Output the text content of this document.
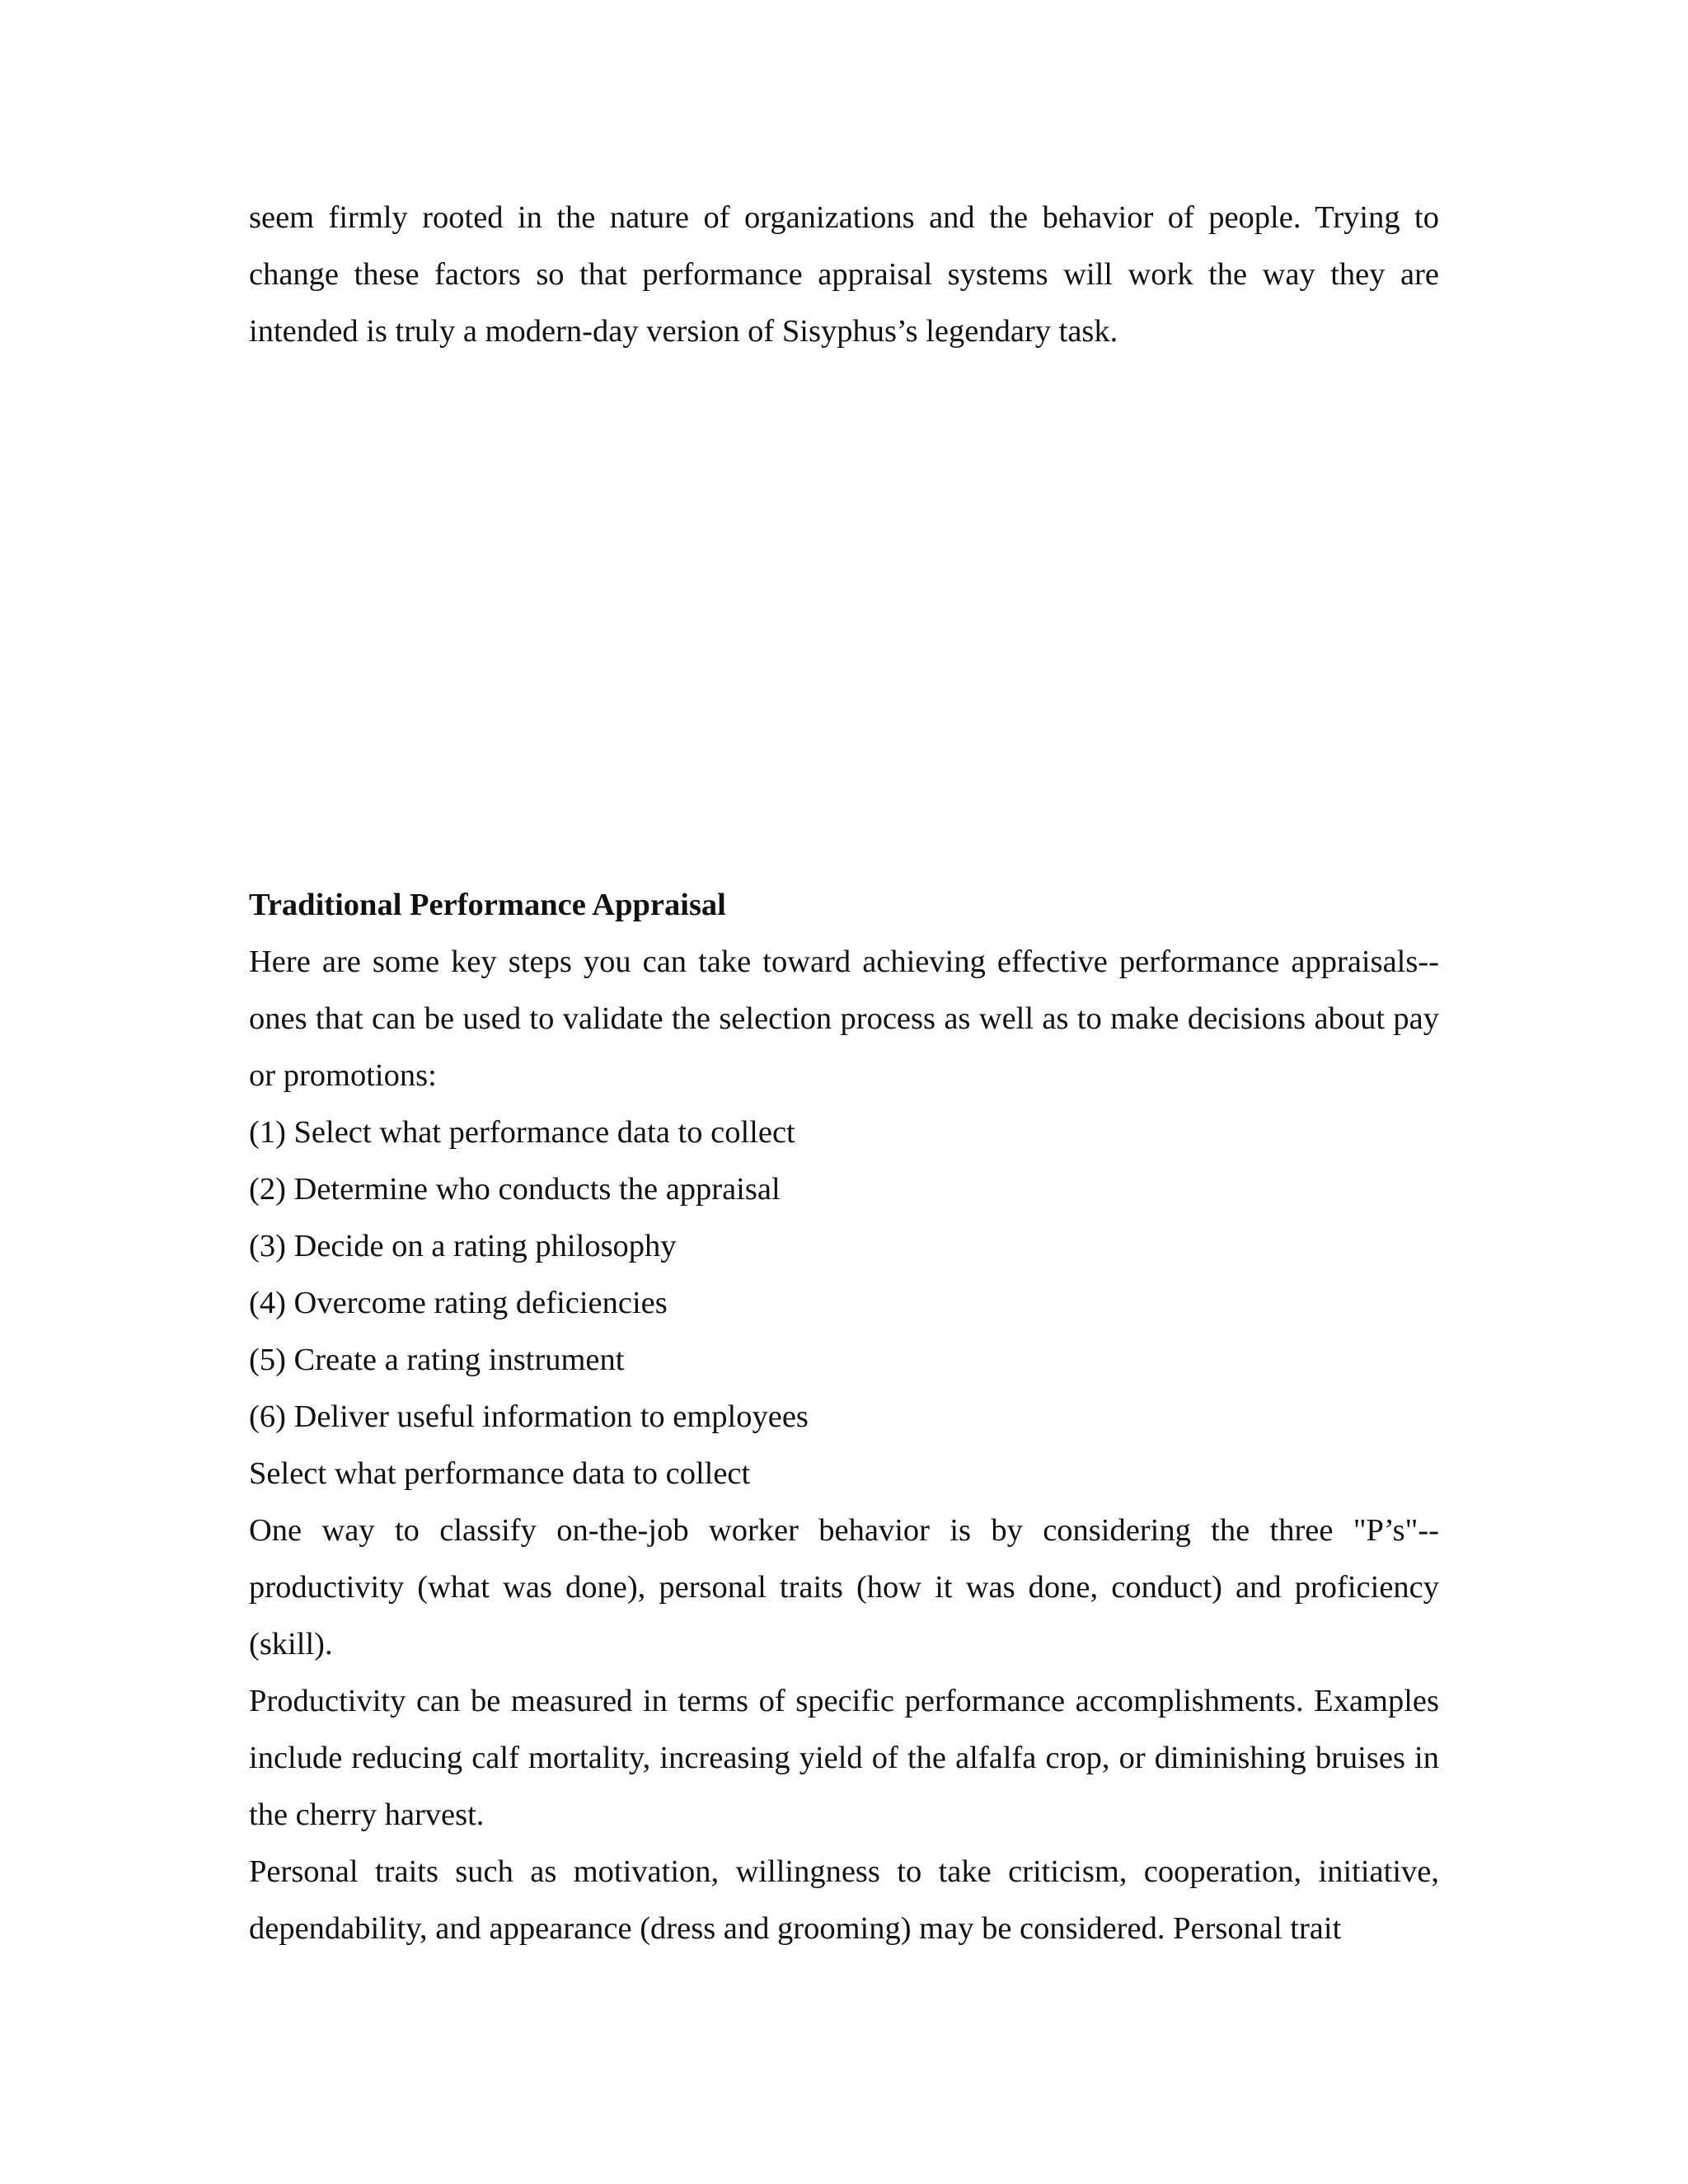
seem firmly rooted in the nature of organizations and the behavior of people. Trying to change these factors so that performance appraisal systems will work the way they are intended is truly a modern-day version of Sisyphus’s legendary task.

Traditional Performance Appraisal

Here are some key steps you can take toward achieving effective performance appraisals--ones that can be used to validate the selection process as well as to make decisions about pay or promotions:

(1) Select what performance data to collect

(2) Determine who conducts the appraisal

(3) Decide on a rating philosophy

(4) Overcome rating deficiencies

(5) Create a rating instrument

(6) Deliver useful information to employees

Select what performance data to collect

One way to classify on-the-job worker behavior is by considering the three "P’s"--productivity (what was done), personal traits (how it was done, conduct) and proficiency (skill).

Productivity can be measured in terms of specific performance accomplishments. Examples include reducing calf mortality, increasing yield of the alfalfa crop, or diminishing bruises in the cherry harvest.

Personal traits such as motivation, willingness to take criticism, cooperation, initiative, dependability, and appearance (dress and grooming) may be considered. Personal trait
